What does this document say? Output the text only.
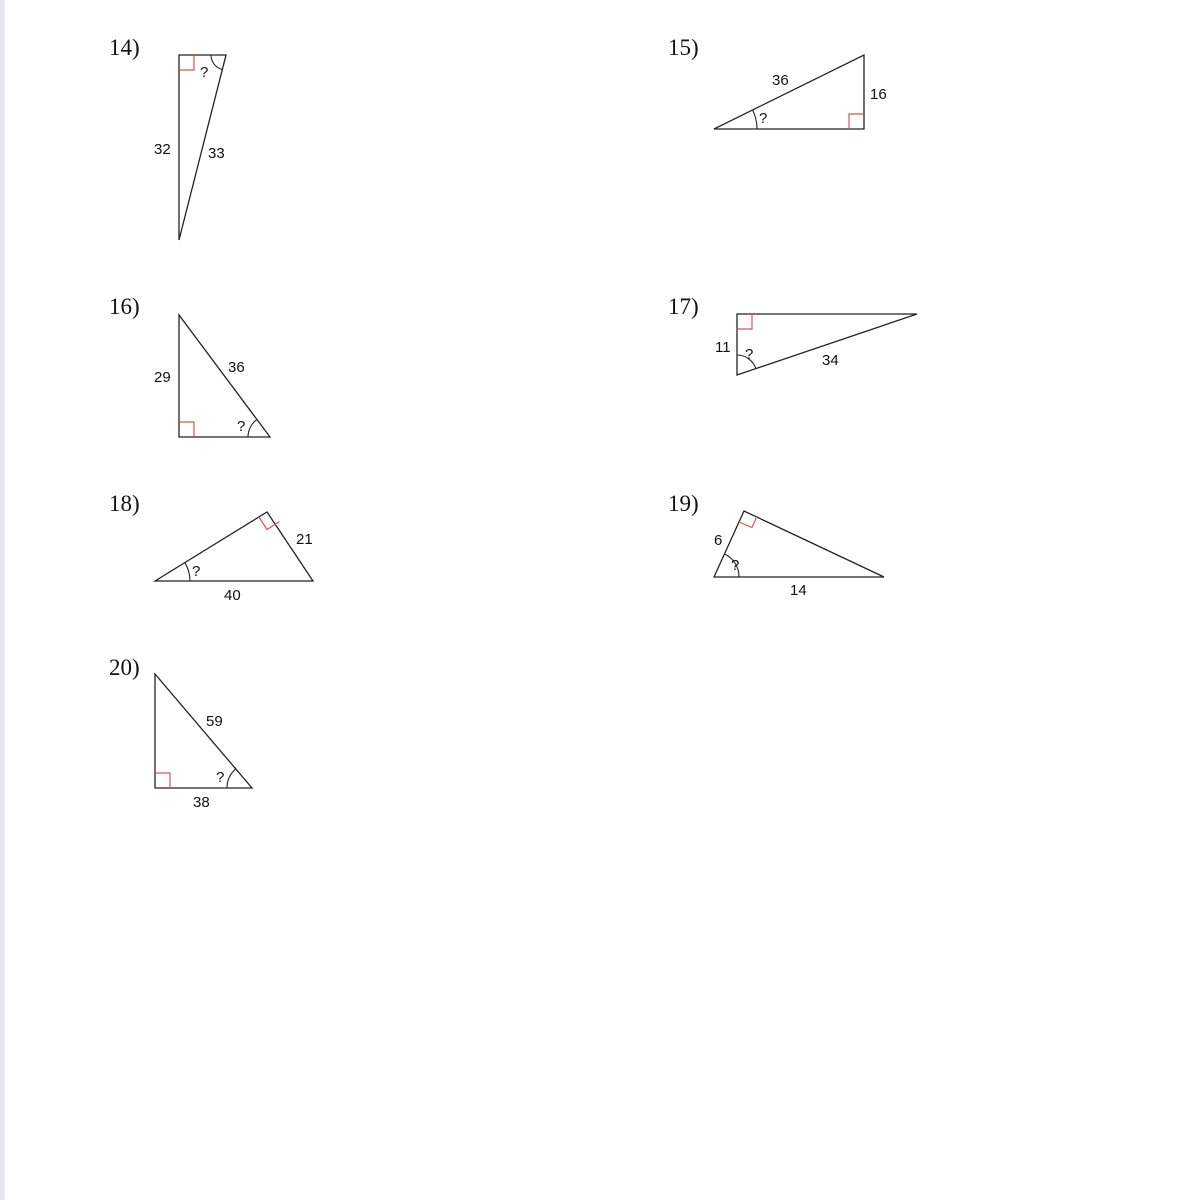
14)	15)
16)	17)
18)	19)
20)
?
32 33
?
36
16
?
29
36
?
11
34
?
21
40
?
6
14
?
59
38
